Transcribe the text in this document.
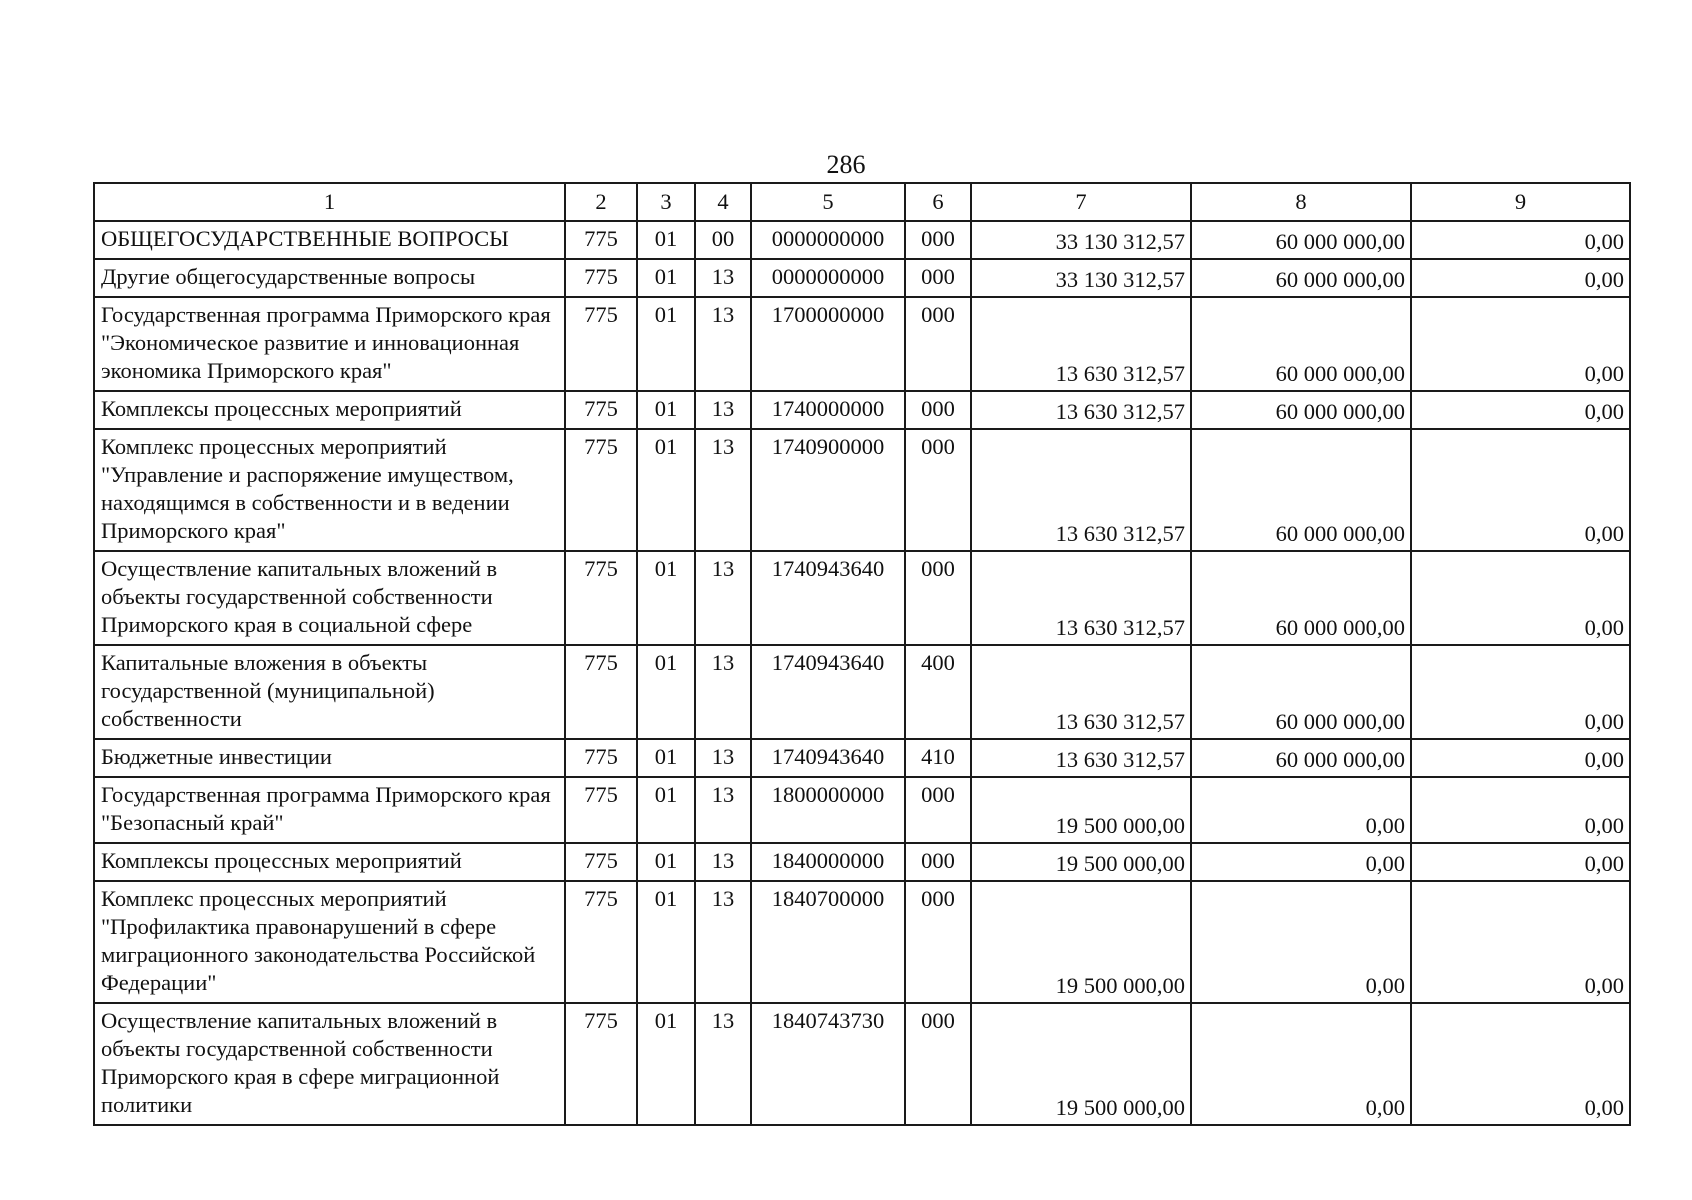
286
1	2	3	4	5	6	7	8	9
ОБЩЕГОСУДАРСТВЕННЫЕ ВОПРОСЫ	775	01	00	0000000000	000	33 130 312,57	60 000 000,00	0,00
Другие общегосударственные вопросы	775	01	13	0000000000	000	33 130 312,57	60 000 000,00	0,00
Государственная программа Приморского края "Экономическое развитие и инновационная экономика Приморского края"	775	01	13	1700000000	000	13 630 312,57	60 000 000,00	0,00
Комплексы процессных мероприятий	775	01	13	1740000000	000	13 630 312,57	60 000 000,00	0,00
Комплекс процессных мероприятий "Управление и распоряжение имуществом, находящимся в собственности и в ведении Приморского края"	775	01	13	1740900000	000	13 630 312,57	60 000 000,00	0,00
Осуществление капитальных вложений в объекты государственной собственности Приморского края в социальной сфере	775	01	13	1740943640	000	13 630 312,57	60 000 000,00	0,00
Капитальные вложения в объекты государственной (муниципальной) собственности	775	01	13	1740943640	400	13 630 312,57	60 000 000,00	0,00
Бюджетные инвестиции	775	01	13	1740943640	410	13 630 312,57	60 000 000,00	0,00
Государственная программа Приморского края "Безопасный край"	775	01	13	1800000000	000	19 500 000,00	0,00	0,00
Комплексы процессных мероприятий	775	01	13	1840000000	000	19 500 000,00	0,00	0,00
Комплекс процессных мероприятий "Профилактика правонарушений в сфере миграционного законодательства Российской Федерации"	775	01	13	1840700000	000	19 500 000,00	0,00	0,00
Осуществление капитальных вложений в объекты государственной собственности Приморского края в сфере миграционной политики	775	01	13	1840743730	000	19 500 000,00	0,00	0,00
